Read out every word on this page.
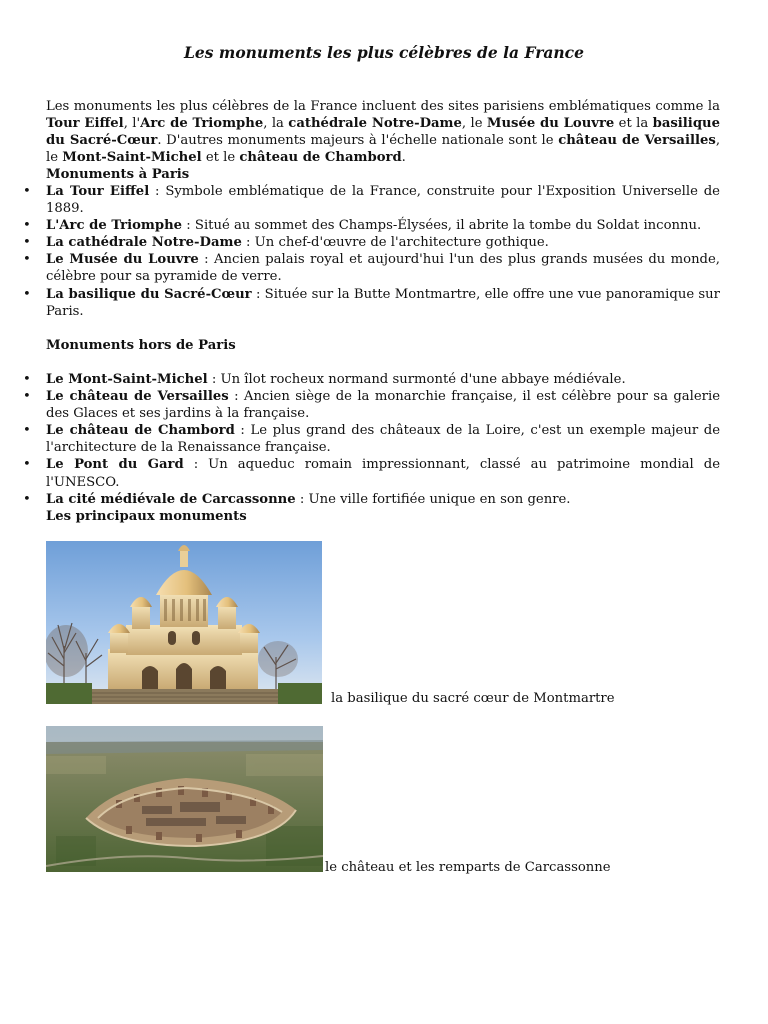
Les monuments les plus célèbres de la France
Les monuments les plus célèbres de la France incluent des sites parisiens emblématiques comme la Tour Eiffel, l'Arc de Triomphe, la cathédrale Notre-Dame, le Musée du Louvre et la basilique du Sacré-Cœur. D'autres monuments majeurs à l'échelle nationale sont le château de Versailles, le Mont-Saint-Michel et le château de Chambord.
Monuments à Paris
• La Tour Eiffel : Symbole emblématique de la France, construite pour l'Exposition Universelle de 1889.
• L'Arc de Triomphe : Situé au sommet des Champs-Élysées, il abrite la tombe du Soldat inconnu.
• La cathédrale Notre-Dame : Un chef-d'œuvre de l'architecture gothique.
• Le Musée du Louvre : Ancien palais royal et aujourd'hui l'un des plus grands musées du monde, célèbre pour sa pyramide de verre.
• La basilique du Sacré-Cœur : Située sur la Butte Montmartre, elle offre une vue panoramique sur Paris.
Monuments hors de Paris
• Le Mont-Saint-Michel : Un îlot rocheux normand surmonté d'une abbaye médiévale.
• Le château de Versailles : Ancien siège de la monarchie française, il est célèbre pour sa galerie des Glaces et ses jardins à la française.
• Le château de Chambord : Le plus grand des châteaux de la Loire, c'est un exemple majeur de l'architecture de la Renaissance française.
• Le Pont du Gard : Un aqueduc romain impressionnant, classé au patrimoine mondial de l'UNESCO.
• La cité médiévale de Carcassonne : Une ville fortifiée unique en son genre.
Les principaux monuments
la basilique du sacré cœur de Montmartre
le château et les remparts de Carcassonne
